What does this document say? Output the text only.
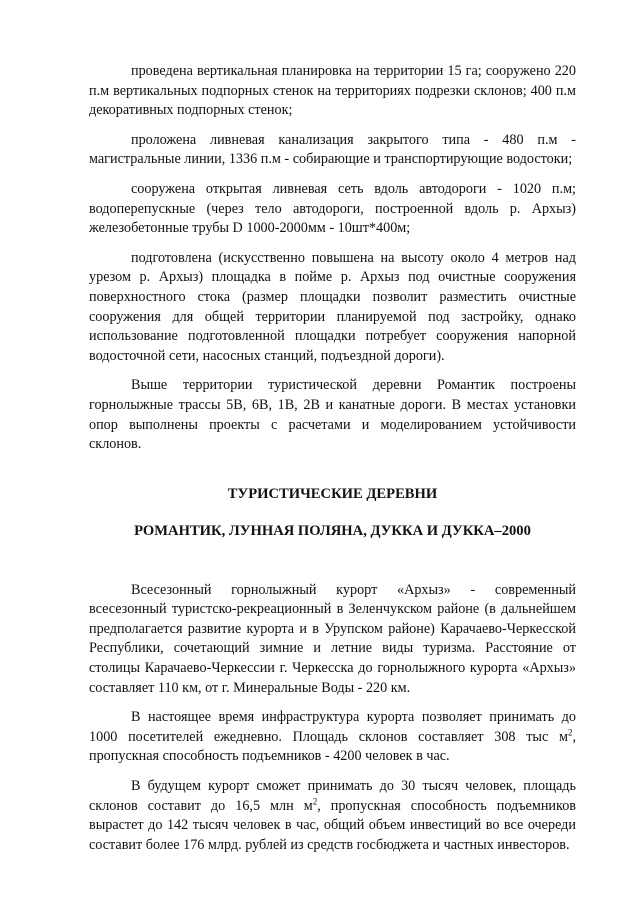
проведена вертикальная планировка на территории 15 га; сооружено 220 п.м вертикальных подпорных стенок на территориях подрезки склонов; 400 п.м декоративных подпорных стенок;

проложена ливневая канализация закрытого типа - 480 п.м - магистральные линии, 1336 п.м - собирающие и транспортирующие водостоки;

сооружена открытая ливневая сеть вдоль автодороги - 1020 п.м; водоперепускные (через тело автодороги, построенной вдоль р. Архыз) железобетонные трубы D 1000-2000мм - 10шт*400м;

подготовлена (искусственно повышена на высоту около 4 метров над урезом р. Архыз) площадка в пойме р. Архыз под очистные сооружения поверхностного стока (размер площадки позволит разместить очистные сооружения для общей территории планируемой под застройку, однако использование подготовленной площадки потребует сооружения напорной водосточной сети, насосных станций, подъездной дороги).

Выше территории туристической деревни Романтик построены горнолыжные трассы 5В, 6В, 1В, 2В и канатные дороги. В местах установки опор выполнены проекты с расчетами и моделированием устойчивости склонов.

ТУРИСТИЧЕСКИЕ ДЕРЕВНИ

РОМАНТИК, ЛУННАЯ ПОЛЯНА, ДУККА И ДУККА–2000

Всесезонный горнолыжный курорт «Архыз» - современный всесезонный туристско-рекреационный в Зеленчукском районе (в дальнейшем предполагается развитие курорта и в Урупском районе) Карачаево-Черкесской Республики, сочетающий зимние и летние виды туризма. Расстояние от столицы Карачаево-Черкессии г. Черкесска до горнолыжного курорта «Архыз» составляет 110 км, от г. Минеральные Воды - 220 км.

В настоящее время инфраструктура курорта позволяет принимать до 1000 посетителей ежедневно. Площадь склонов составляет 308 тыс $м^2$, пропускная способность подъемников - 4200 человек в час.

В будущем курорт сможет принимать до 30 тысяч человек, площадь склонов составит до 16,5 млн $м^2$, пропускная способность подъемников вырастет до 142 тысяч человек в час, общий объем инвестиций во все очереди составит более 176 млрд. рублей из средств госбюджета и частных инвесторов.
